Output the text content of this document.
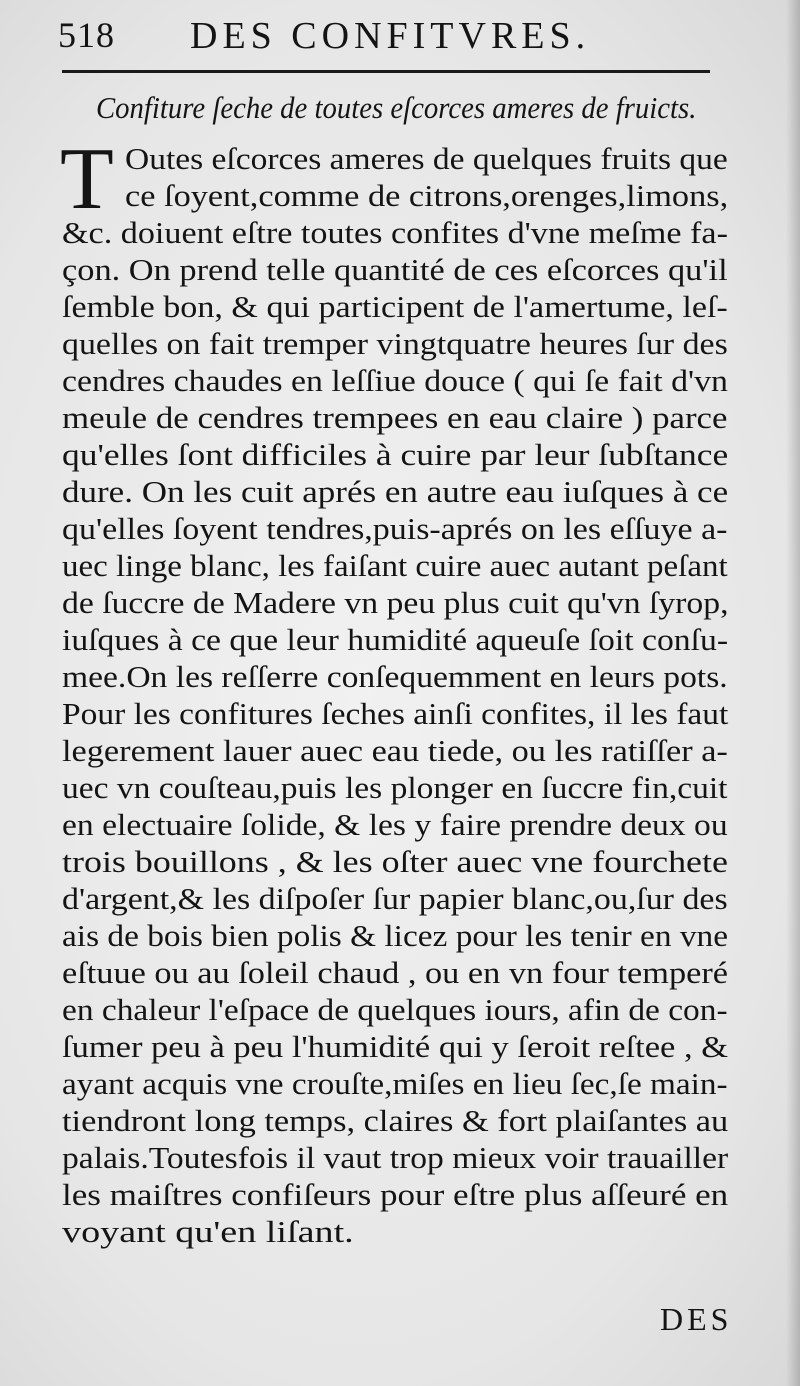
518 DES CONFITVRES.
Confiture ſeche de toutes eſcorces ameres de fruicts.
T Outes eſcorces ameres de quelques fruits que
ce ſoyent,comme de citrons,orenges,limons,
&c. doiuent eſtre toutes confites d'vne meſme fa-
çon. On prend telle quantité de ces eſcorces qu'il
ſemble bon, & qui participent de l'amertume, leſ-
quelles on fait tremper vingtquatre heures ſur des
cendres chaudes en leſſiue douce ( qui ſe fait d'vn
meule de cendres trempees en eau claire ) parce
qu'elles ſont difficiles à cuire par leur ſubſtance
dure. On les cuit aprés en autre eau iuſques à ce
qu'elles ſoyent tendres,puis-aprés on les eſſuye a-
uec linge blanc, les faiſant cuire auec autant peſant
de ſuccre de Madere vn peu plus cuit qu'vn ſyrop,
iuſques à ce que leur humidité aqueuſe ſoit conſu-
mee.On les reſſerre conſequemment en leurs pots.
Pour les confitures ſeches ainſi confites, il les faut
legerement lauer auec eau tiede, ou les ratiſſer a-
uec vn couſteau,puis les plonger en ſuccre fin,cuit
en electuaire ſolide, & les y faire prendre deux ou
trois bouillons , & les oſter auec vne fourchete
d'argent,& les diſpoſer ſur papier blanc,ou,ſur des
ais de bois bien polis & licez pour les tenir en vne
eſtuue ou au ſoleil chaud , ou en vn four temperé
en chaleur l'eſpace de quelques iours, afin de con-
ſumer peu à peu l'humidité qui y ſeroit reſtee , &
ayant acquis vne crouſte,miſes en lieu ſec,ſe main-
tiendront long temps, claires & fort plaiſantes au
palais.Toutesfois il vaut trop mieux voir trauailler
les maiſtres confiſeurs pour eſtre plus aſſeuré en
voyant qu'en liſant.
DES
